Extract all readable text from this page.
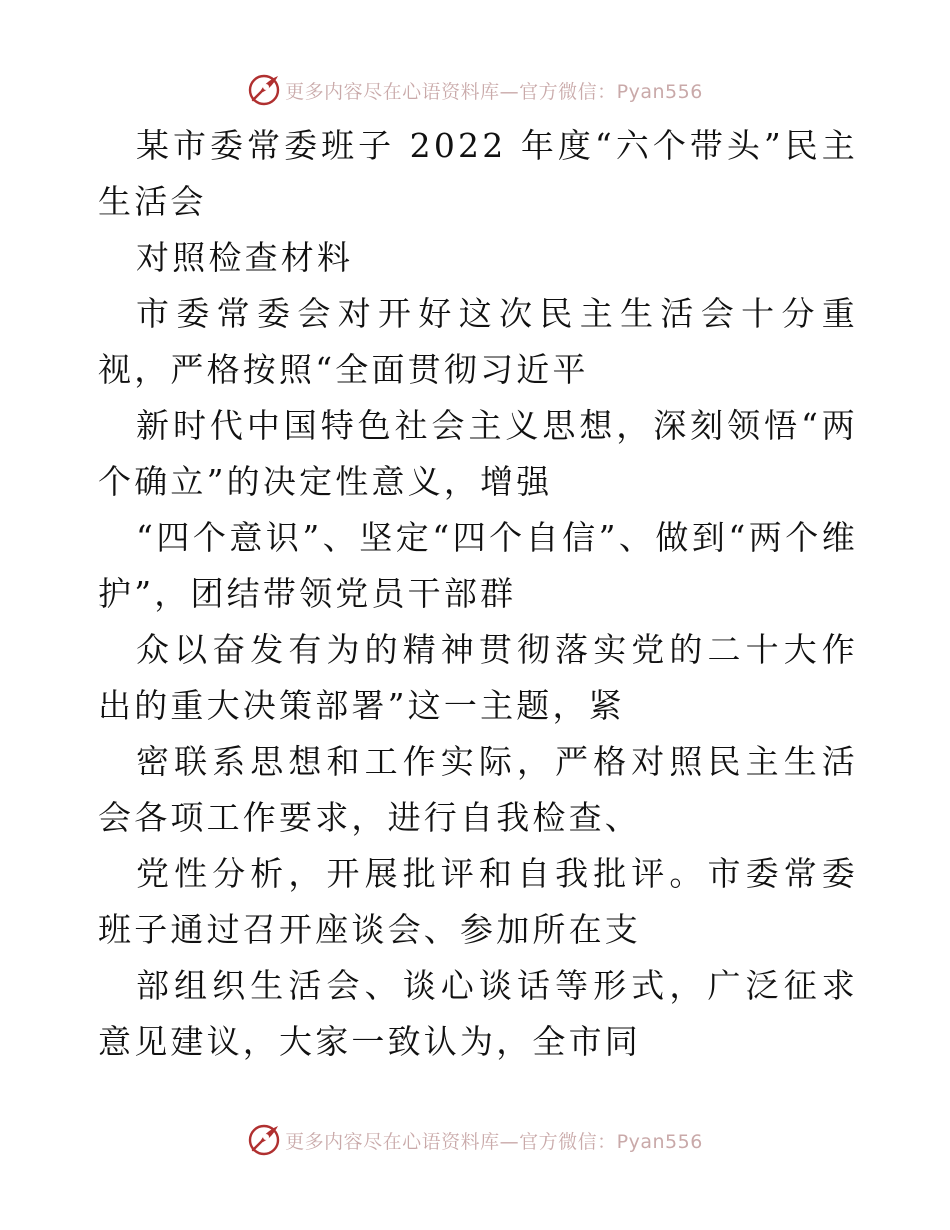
更多内容尽在心语资料库—官方微信：Pyan556

某市委常委班子 2022 年度“六个带头”民主生活会

对照检查材料

市委常委会对开好这次民主生活会十分重视，严格按照“全面贯彻习近平

新时代中国特色社会主义思想，深刻领悟“两个确立”的决定性意义，增强

“四个意识”、坚定“四个自信”、做到“两个维护”，团结带领党员干部群

众以奋发有为的精神贯彻落实党的二十大作出的重大决策部署”这一主题，紧

密联系思想和工作实际，严格对照民主生活会各项工作要求，进行自我检查、

党性分析，开展批评和自我批评。市委常委班子通过召开座谈会、参加所在支

部组织生活会、谈心谈话等形式，广泛征求意见建议，大家一致认为，全市同

更多内容尽在心语资料库—官方微信：Pyan556
